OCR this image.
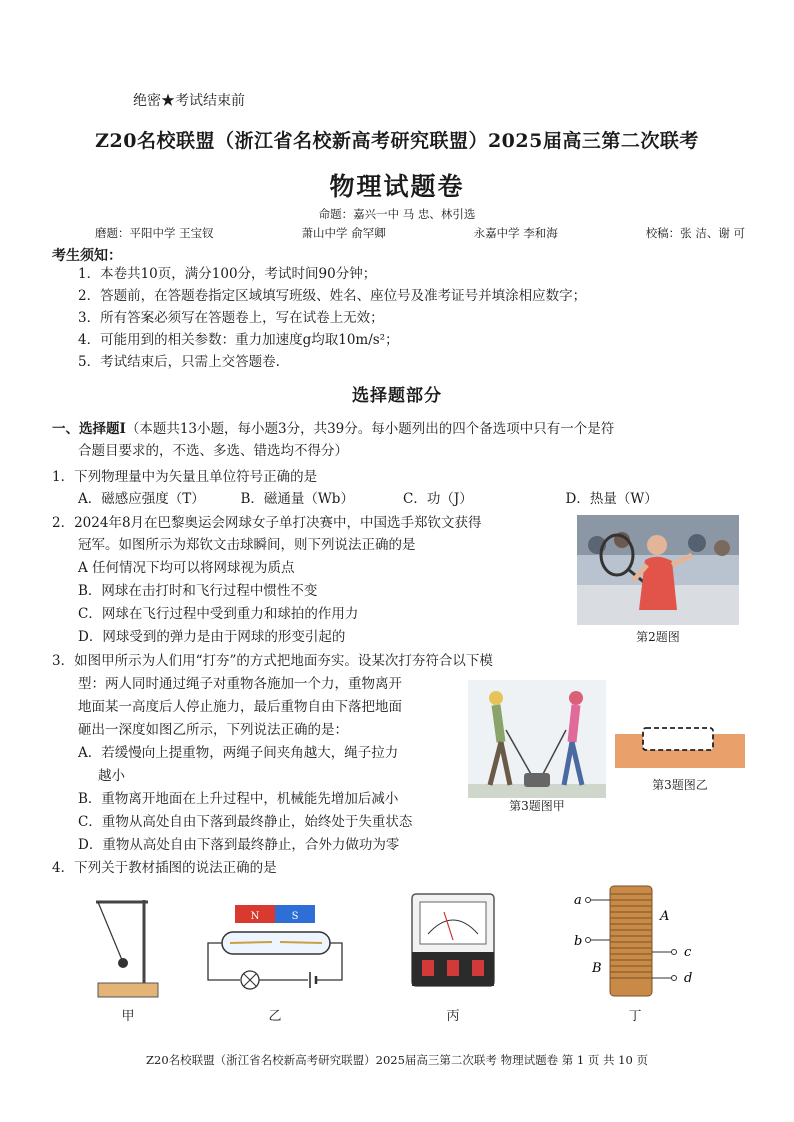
绝密★考试结束前
Z20名校联盟（浙江省名校新高考研究联盟）2025届高三第二次联考
物理试题卷
命题：嘉兴一中 马 忠、林引选
磨题：平阳中学 王宝钗	萧山中学 俞罕卿	永嘉中学 李和海	校稿：张 洁、谢 可
考生须知：
1．本卷共10页，满分100分，考试时间90分钟；
2．答题前，在答题卷指定区域填写班级、姓名、座位号及准考证号并填涂相应数字；
3．所有答案必须写在答题卷上，写在试卷上无效；
4．可能用到的相关参数：重力加速度g均取10m/s²；
5．考试结束后，只需上交答题卷.
选择题部分
一、选择题Ⅰ（本题共13小题，每小题3分，共39分。每小题列出的四个备选项中只有一个是符
合题目要求的，不选、多选、错选均不得分）
1．下列物理量中为矢量且单位符号正确的是
A．磁感应强度（T）	B．磁通量（Wb）	C．功（J）	D．热量（W）
2．2024年8月在巴黎奥运会网球女子单打决赛中，中国选手郑钦文获得
冠军。如图所示为郑钦文击球瞬间，则下列说法正确的是
A 任何情况下均可以将网球视为质点
B．网球在击打时和飞行过程中惯性不变
C．网球在飞行过程中受到重力和球拍的作用力
D．网球受到的弹力是由于网球的形变引起的	第2题图
3．如图甲所示为人们用“打夯”的方式把地面夯实。设某次打夯符合以下模
型：两人同时通过绳子对重物各施加一个力，重物离开
地面某一高度后人停止施力，最后重物自由下落把地面
砸出一深度如图乙所示，下列说法正确的是：
A．若缓慢向上提重物，两绳子间夹角越大，绳子拉力
越小
B．重物离开地面在上升过程中，机械能先增加后减小
C．重物从高处自由下落到最终静止，始终处于失重状态
D．重物从高处自由下落到最终静止，合外力做功为零
第3题图甲
第3题图乙
4．下列关于教材插图的说法正确的是
甲
N	S
乙	丙
a
b
c
d
A
B
丁
Z20名校联盟（浙江省名校新高考研究联盟）2025届高三第二次联考 物理试题卷 第 1 页 共 10 页
